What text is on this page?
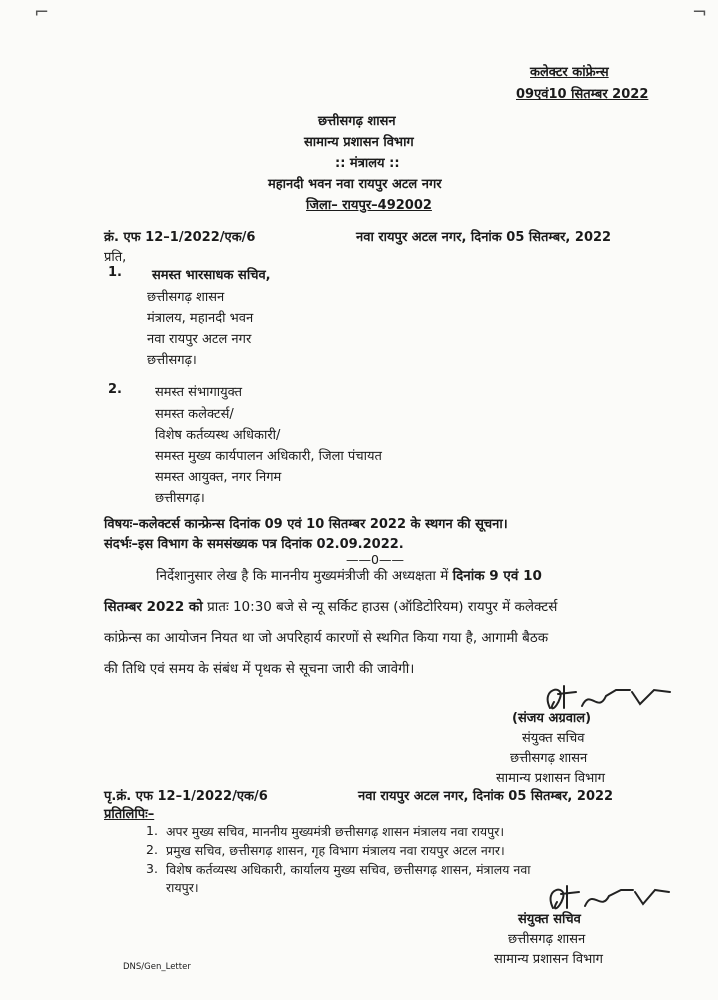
⌐	¬
कलेक्टर कांफ्रेन्स
09एवं10 सितम्बर 2022
छत्तीसगढ़ शासन
सामान्य प्रशासन विभाग
:: मंत्रालय ::
महानदी भवन नवा रायपुर अटल नगर
जिला– रायपुर–492002
क्रं. एफ 12–1/2022/एक/6	नवा रायपुर अटल नगर, दिनांक 05 सितम्बर, 2022
प्रति,
1. समस्त भारसाधक सचिव,
छत्तीसगढ़ शासन
मंत्रालय, महानदी भवन
नवा रायपुर अटल नगर
छत्तीसगढ़।
2.	समस्त संभागायुक्त
समस्त कलेक्टर्स/
विशेष कर्तव्यस्थ अधिकारी/
समस्त मुख्य कार्यपालन अधिकारी, जिला पंचायत
समस्त आयुक्त, नगर निगम
छत्तीसगढ़।
विषयः–कलेक्टर्स कान्फ्रेन्स दिनांक 09 एवं 10 सितम्बर 2022 के स्थगन की सूचना।
संदर्भः–इस विभाग के समसंख्यक पत्र दिनांक 02.09.2022.
——0——
निर्देशानुसार लेख है कि माननीय मुख्यमंत्रीजी की अध्यक्षता में दिनांक 9 एवं 10
सितम्बर 2022 को प्रातः 10:30 बजे से न्यू सर्किट हाउस (ऑडिटोरियम) रायपुर में कलेक्टर्स
कांफ्रेन्स का आयोजन नियत था जो अपरिहार्य कारणों से स्थगित किया गया है, आगामी बैठक
की तिथि एवं समय के संबंध में पृथक से सूचना जारी की जावेगी।
(संजय अग्रवाल)
संयुक्त सचिव
छत्तीसगढ़ शासन
सामान्य प्रशासन विभाग
पृ.क्रं. एफ 12–1/2022/एक/6	नवा रायपुर अटल नगर, दिनांक 05 सितम्बर, 2022
प्रतिलिपिः–
1. अपर मुख्य सचिव, माननीय मुख्यमंत्री छत्तीसगढ़ शासन मंत्रालय नवा रायपुर।
2. प्रमुख सचिव, छत्तीसगढ़ शासन, गृह विभाग मंत्रालय नवा रायपुर अटल नगर।
3. विशेष कर्तव्यस्थ अधिकारी, कार्यालय मुख्य सचिव, छत्तीसगढ़ शासन, मंत्रालय नवा
रायपुर।
संयुक्त सचिव
छत्तीसगढ़ शासन
सामान्य प्रशासन विभाग
DNS/Gen_Letter
